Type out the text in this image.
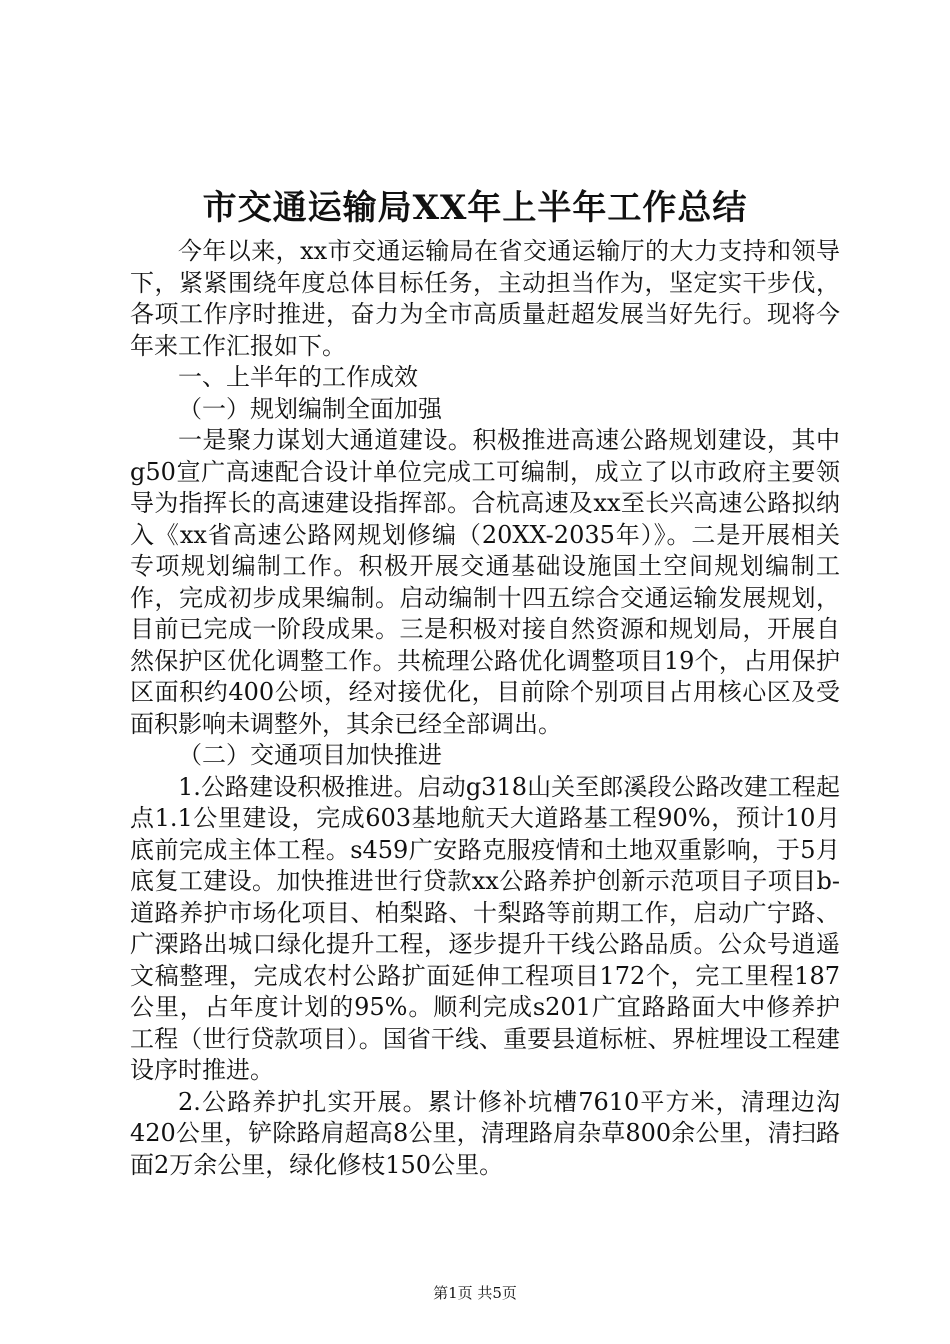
市交通运输局XX年上半年工作总结

今年以来，xx市交通运输局在省交通运输厅的大力支持和领导下，紧紧围绕年度总体目标任务，主动担当作为，坚定实干步伐，各项工作序时推进，奋力为全市高质量赶超发展当好先行。现将今年来工作汇报如下。

一、上半年的工作成效

（一）规划编制全面加强

一是聚力谋划大通道建设。积极推进高速公路规划建设，其中g50宣广高速配合设计单位完成工可编制，成立了以市政府主要领导为指挥长的高速建设指挥部。合杭高速及xx至长兴高速公路拟纳入《xx省高速公路网规划修编（20XX-2035年）》。二是开展相关专项规划编制工作。积极开展交通基础设施国土空间规划编制工作，完成初步成果编制。启动编制十四五综合交通运输发展规划，目前已完成一阶段成果。三是积极对接自然资源和规划局，开展自然保护区优化调整工作。共梳理公路优化调整项目19个，占用保护区面积约400公顷，经对接优化，目前除个别项目占用核心区及受面积影响未调整外，其余已经全部调出。

（二）交通项目加快推进

1.公路建设积极推进。启动g318山关至郎溪段公路改建工程起点1.1公里建设，完成603基地航天大道路基工程90%，预计10月底前完成主体工程。s459广安路克服疫情和土地双重影响，于5月底复工建设。加快推进世行贷款xx公路养护创新示范项目子项目b-道路养护市场化项目、柏梨路、十梨路等前期工作，启动广宁路、广溧路出城口绿化提升工程，逐步提升干线公路品质。公众号逍遥文稿整理，完成农村公路扩面延伸工程项目172个，完工里程187公里，占年度计划的95%。顺利完成s201广宜路路面大中修养护工程（世行贷款项目）。国省干线、重要县道标桩、界桩埋设工程建设序时推进。

2.公路养护扎实开展。累计修补坑槽7610平方米，清理边沟420公里，铲除路肩超高8公里，清理路肩杂草800余公里，清扫路面2万余公里，绿化修枝150公里。

第1页 共5页
